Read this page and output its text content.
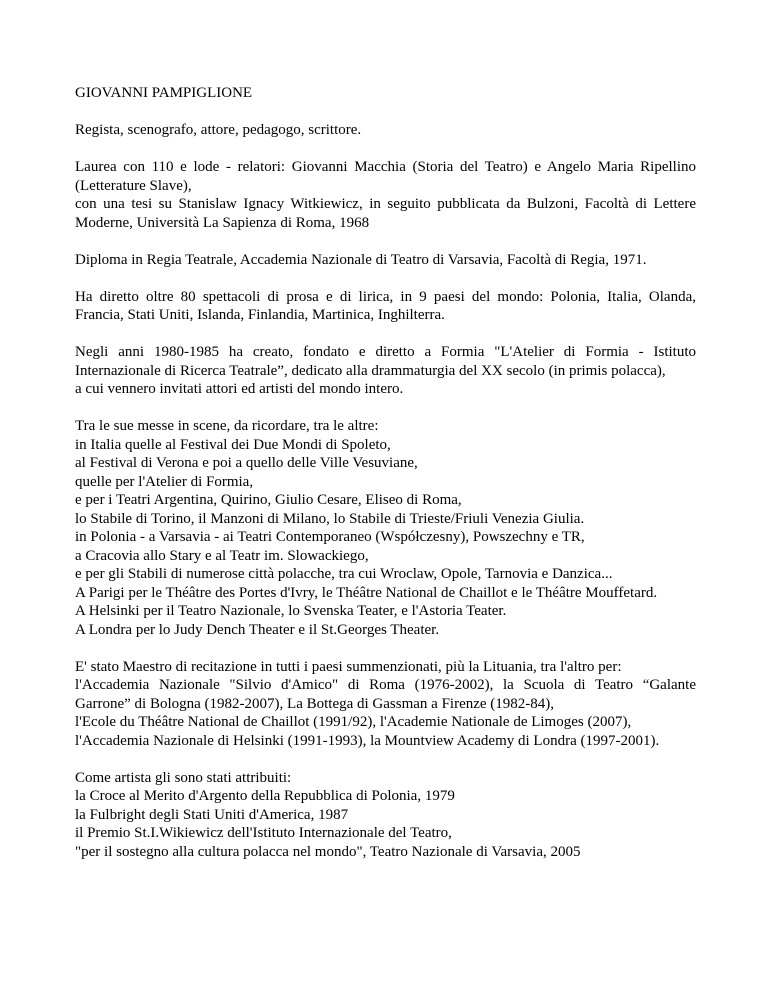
GIOVANNI PAMPIGLIONE
Regista, scenografo, attore, pedagogo, scrittore.
Laurea con 110 e lode - relatori: Giovanni Macchia (Storia del Teatro) e Angelo Maria Ripellino
(Letterature Slave),
con una tesi su Stanislaw Ignacy Witkiewicz, in seguito pubblicata da Bulzoni, Facoltà di Lettere
Moderne, Università La Sapienza di Roma, 1968
Diploma in Regia Teatrale, Accademia Nazionale di Teatro di Varsavia, Facoltà di Regia, 1971.
Ha diretto oltre 80 spettacoli di prosa e di lirica, in 9 paesi del mondo: Polonia, Italia, Olanda,
Francia, Stati Uniti, Islanda, Finlandia, Martinica, Inghilterra.
Negli anni 1980-1985 ha creato, fondato e diretto a Formia "L'Atelier di Formia - Istituto
Internazionale di Ricerca Teatrale”, dedicato alla drammaturgia del XX secolo (in primis polacca),
a cui vennero invitati attori ed artisti del mondo intero.
Tra le sue messe in scene, da ricordare, tra le altre:
in Italia quelle al Festival dei Due Mondi di Spoleto,
al Festival di Verona e poi a quello delle Ville Vesuviane,
quelle per l'Atelier di Formia,
e per i Teatri Argentina, Quirino, Giulio Cesare, Eliseo di Roma,
lo Stabile di Torino, il Manzoni di Milano, lo Stabile di Trieste/Friuli Venezia Giulia.
in Polonia - a Varsavia - ai Teatri Contemporaneo (Współczesny), Powszechny e TR,
a Cracovia allo Stary e al Teatr im. Slowackiego,
e per gli Stabili di numerose città polacche, tra cui Wroclaw, Opole, Tarnovia e Danzica...
A Parigi per le Théâtre des Portes d'Ivry, le Théâtre National de Chaillot e le Théâtre Mouffetard.
A Helsinki per il Teatro Nazionale, lo Svenska Teater, e l'Astoria Teater.
A Londra per lo Judy Dench Theater e il St.Georges Theater.
E' stato Maestro di recitazione in tutti i paesi summenzionati, più la Lituania, tra l'altro per:
l'Accademia Nazionale "Silvio d'Amico" di Roma (1976-2002), la Scuola di Teatro “Galante
Garrone” di Bologna (1982-2007), La Bottega di Gassman a Firenze (1982-84),
l'Ecole du Théâtre National de Chaillot (1991/92), l'Academie Nationale de Limoges (2007),
l'Accademia Nazionale di Helsinki (1991-1993), la Mountview Academy di Londra (1997-2001).
Come artista gli sono stati attribuiti:
la Croce al Merito d'Argento della Repubblica di Polonia, 1979
la Fulbright degli Stati Uniti d'America, 1987
il Premio St.I.Wikiewicz dell'Istituto Internazionale del Teatro,
"per il sostegno alla cultura polacca nel mondo", Teatro Nazionale di Varsavia, 2005
